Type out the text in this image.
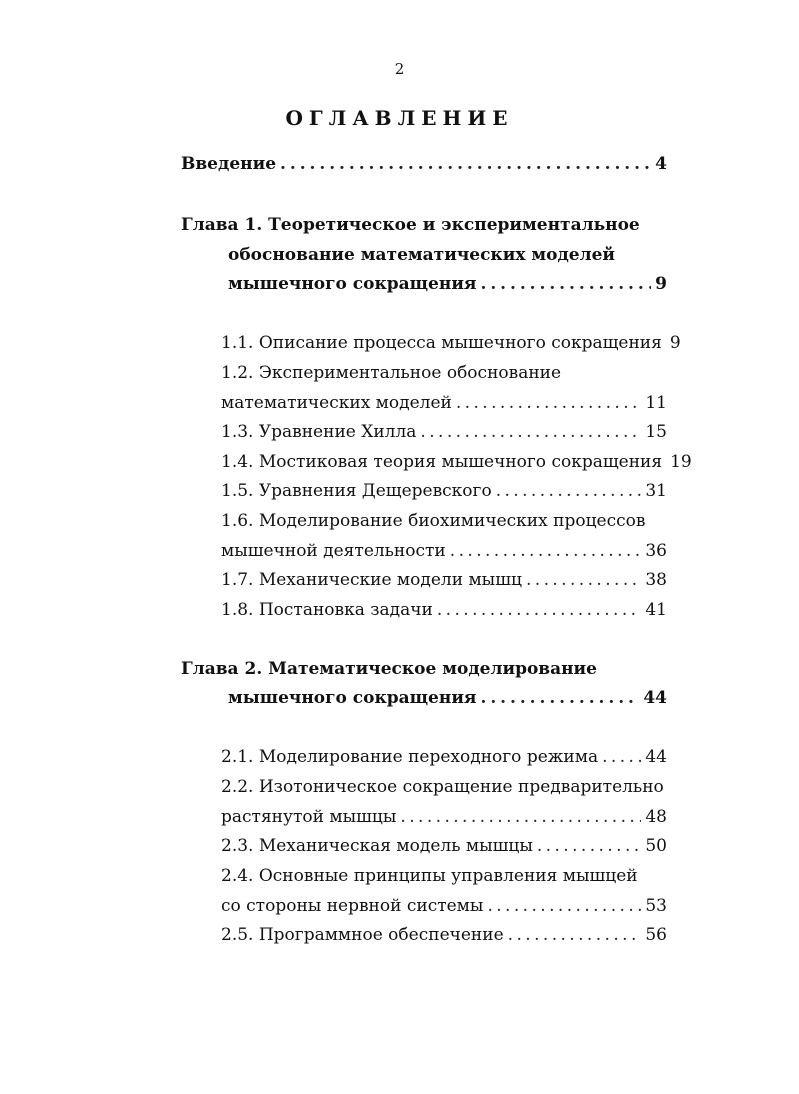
2
ОГЛАВЛЕНИЕ
Введение . . .	4
Глава 1. Теоретическое и экспериментальное
обоснование математических моделей
мышечного сокращения . . .	9
1.1. Описание процесса мышечного сокращения 9
1.2. Экспериментальное обоснование
математических моделей . . .	11
1.3. Уравнение Хилла . . .	15
1.4. Мостиковая теория мышечного сокращения 19
1.5. Уравнения Дещеревского . . .	31
1.6. Моделирование биохимических процессов
мышечной деятельности . . .	36
1.7. Механические модели мышц . . .	38
1.8. Постановка задачи . . .	41
Глава 2. Математическое моделирование
мышечного сокращения . . .	44
2.1. Моделирование переходного режима . . .	44
2.2. Изотоническое сокращение предварительно
растянутой мышцы . . .	48
2.3. Механическая модель мышцы . . .	50
2.4. Основные принципы управления мышцей
со стороны нервной системы . . .	53
2.5. Программное обеспечение . . .	56
